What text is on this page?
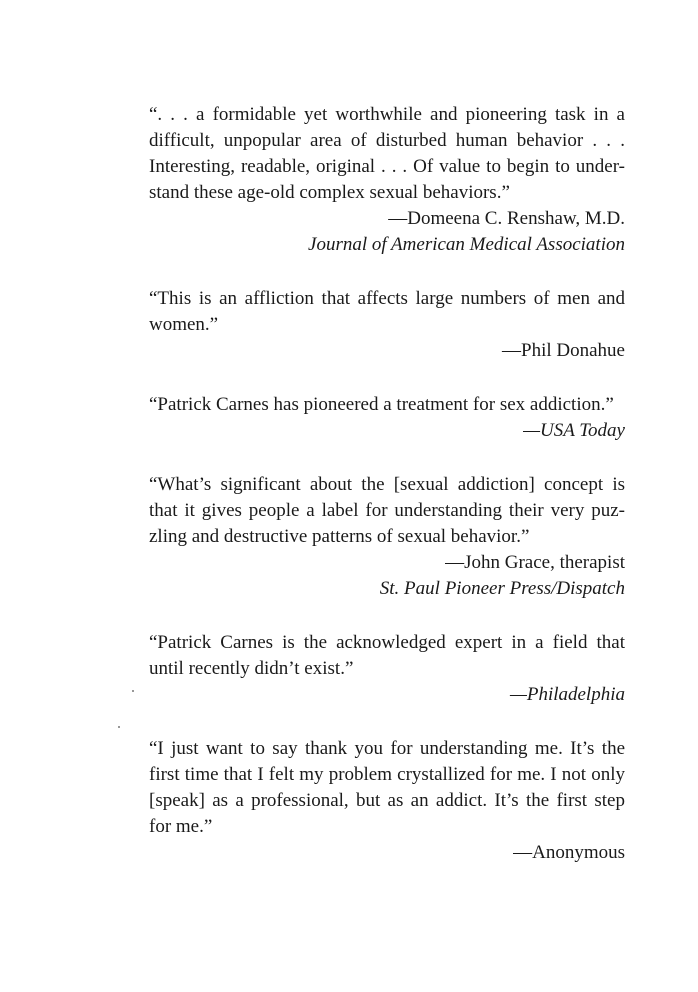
“. . . a formidable yet worthwhile and pioneering task in a
difficult, unpopular area of disturbed human behavior . . .
Interesting, readable, original . . . Of value to begin to under-
stand these age-old complex sexual behaviors.”

—Domeena C. Renshaw, M.D.

Journal of American Medical Association

“This is an affliction that affects large numbers of men and
women.”

—Phil Donahue

“Patrick Carnes has pioneered a treatment for sex addiction.”

—USA Today

“What’s significant about the [sexual addiction] concept is
that it gives people a label for understanding their very puz-
zling and destructive patterns of sexual behavior.”

—John Grace, therapist

St. Paul Pioneer Press/Dispatch

“Patrick Carnes is the acknowledged expert in a field that
until recently didn’t exist.”

—Philadelphia

“I just want to say thank you for understanding me. It’s the
first time that I felt my problem crystallized for me. I not only
[speak] as a professional, but as an addict. It’s the first step
for me.”

—Anonymous
